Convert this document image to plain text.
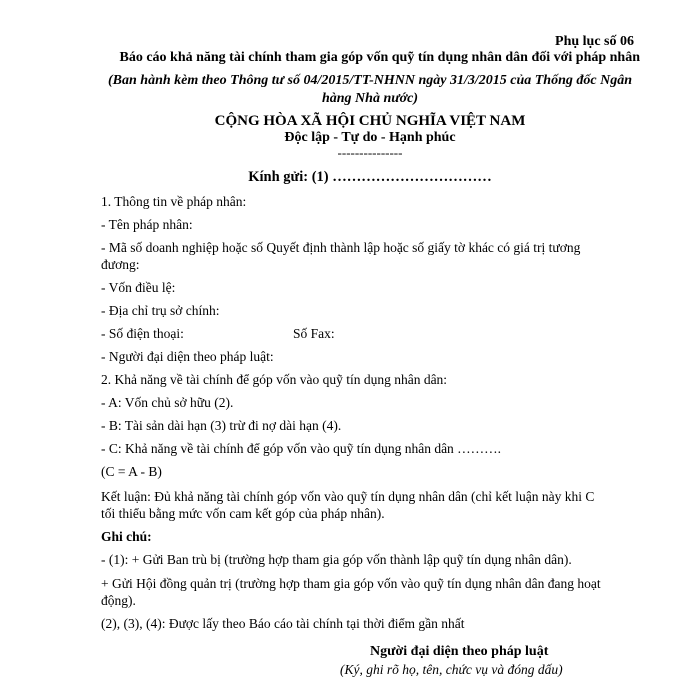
Phụ lục số 06
Báo cáo khả năng tài chính tham gia góp vốn quỹ tín dụng nhân dân đối với pháp nhân
(Ban hành kèm theo Thông tư số 04/2015/TT-NHNN ngày 31/3/2015 của Thống đốc Ngân
hàng Nhà nước)
CỘNG HÒA XÃ HỘI CHỦ NGHĨA VIỆT NAM
Độc lập - Tự do - Hạnh phúc
---------------
Kính gửi: (1) ……………………………
1. Thông tin về pháp nhân:
- Tên pháp nhân:
- Mã số doanh nghiệp hoặc số Quyết định thành lập hoặc số giấy tờ khác có giá trị tương
đương:
- Vốn điều lệ:
- Địa chỉ trụ sở chính:
- Số điện thoại:	Số Fax:
- Người đại diện theo pháp luật:
2. Khả năng về tài chính để góp vốn vào quỹ tín dụng nhân dân:
- A: Vốn chủ sở hữu (2).
- B: Tài sản dài hạn (3) trừ đi nợ dài hạn (4).
- C: Khả năng về tài chính để góp vốn vào quỹ tín dụng nhân dân ……….
(C = A - B)
Kết luận: Đủ khả năng tài chính góp vốn vào quỹ tín dụng nhân dân (chỉ kết luận này khi C
tối thiểu bằng mức vốn cam kết góp của pháp nhân).
Ghi chú:
- (1): + Gửi Ban trù bị (trường hợp tham gia góp vốn thành lập quỹ tín dụng nhân dân).
+ Gửi Hội đồng quản trị (trường hợp tham gia góp vốn vào quỹ tín dụng nhân dân đang hoạt
động).
(2), (3), (4): Được lấy theo Báo cáo tài chính tại thời điểm gần nhất
Người đại diện theo pháp luật
(Ký, ghi rõ họ, tên, chức vụ và đóng dấu)
